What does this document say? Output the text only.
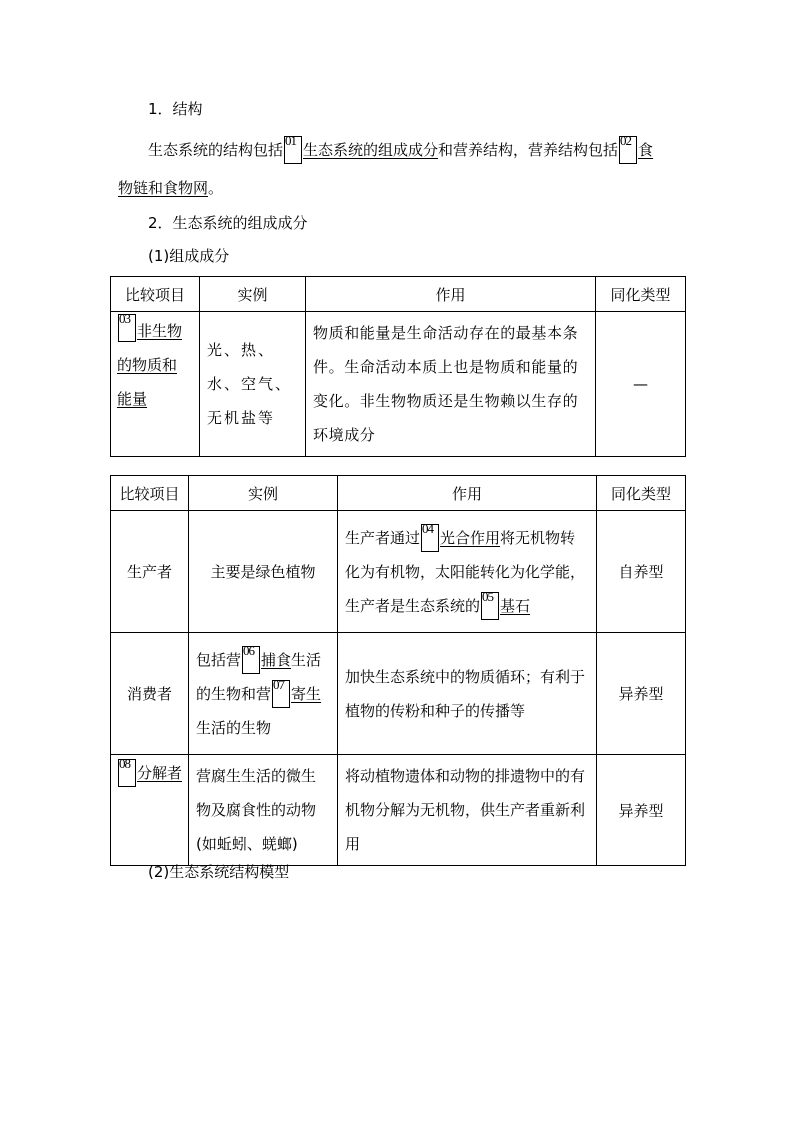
1．结构
生态系统的结构包括
01
生态系统的组成成分和营养结构，营养结构包括
02
食
物链和食物网。
2．生态系统的组成成分
(1)组成成分
比较项目	实例	作用	同化类型

03
非生物
的物质和
能量	光、热、水、空气、无机盐等	物质和能量是生命活动存在的最基本条件。生命活动本质上也是物质和能量的变化。非生物物质还是生物赖以生存的环境成分	—
比较项目	实例	作用	同化类型
生产者	主要是绿色植物	生产者通过
04
光合作用将无机物转化为有机物，太阳能转化为化学能，生产者是生态系统的
05
基石	自养型
消费者	包括营
06
捕食生活的生物和营
07
寄生生活的生物	加快生态系统中的物质循环；有利于植物的传粉和种子的传播等	异养型

08
分解者	营腐生生活的微生物及腐食性的动物(如蚯蚓、蜣螂)	将动植物遗体和动物的排遗物中的有机物分解为无机物，供生产者重新利用	异养型
(2)生态系统结构模型
